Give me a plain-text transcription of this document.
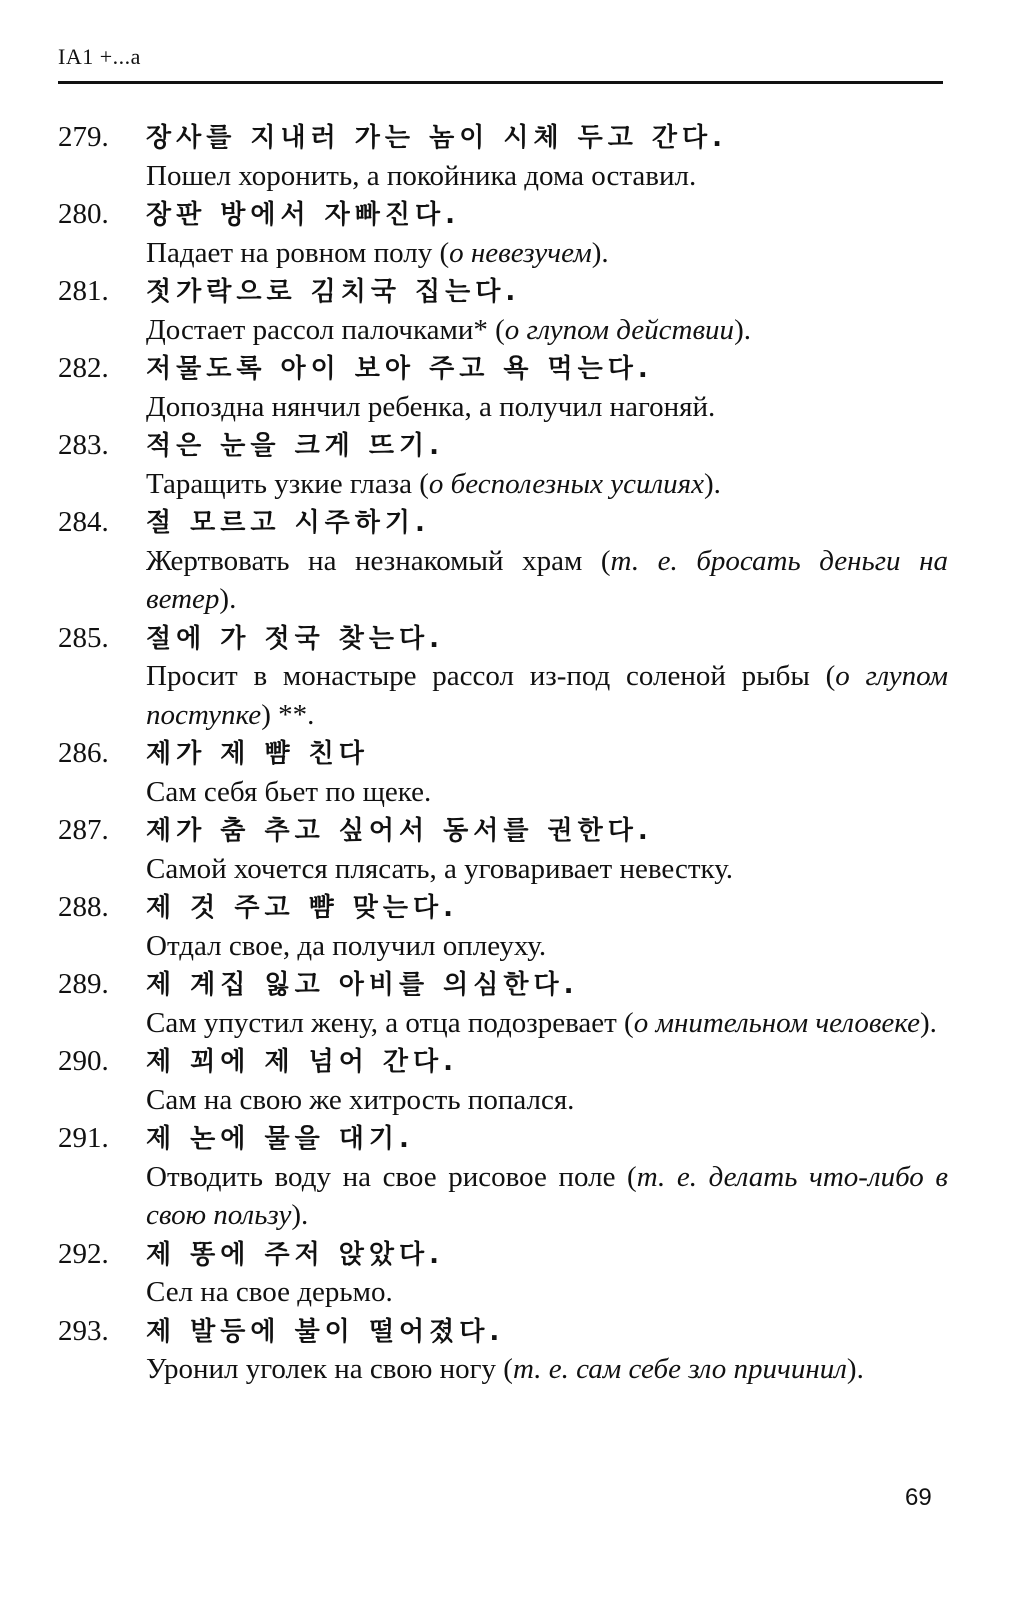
IA1 +...a
279. 장사를 지내러 가는 놈이 시체 두고 간다.
Пошел хоронить, а покойника дома оставил.
280. 장판 방에서 자빠진다.
Падает на ровном полу (о невезучем).
281. 젓가락으로 김치국 집는다.
Достает рассол палочками* (о глупом действии).
282. 저물도록 아이 보아 주고 욕 먹는다.
Допоздна нянчил ребенка, а получил нагоняй.
283. 적은 눈을 크게 뜨기.
Таращить узкие глаза (о бесполезных усилиях).
284. 절 모르고 시주하기.
Жертвовать на незнакомый храм (т. е. бросать деньги на ветер).
285. 절에 가 젓국 찾는다.
Просит в монастыре рассол из-под соленой рыбы (о глупом поступке) **.
286. 제가 제 뺨 친다
Сам себя бьет по щеке.
287. 제가 춤 추고 싶어서 동서를 권한다.
Самой хочется плясать, а уговаривает невестку.
288. 제 것 주고 뺨 맞는다.
Отдал свое, да получил оплеуху.
289. 제 계집 잃고 아비를 의심한다.
Сам упустил жену, а отца подозревает (о мнительном человеке).
290. 제 꾀에 제 넘어 간다.
Сам на свою же хитрость попался.
291. 제 논에 물을 대기.
Отводить воду на свое рисовое поле (т. е. делать что-либо в свою пользу).
292. 제 똥에 주저 앉았다.
Сел на свое дерьмо.
293. 제 발등에 불이 떨어졌다.
Уронил уголек на свою ногу (т. е. сам себе зло причинил).
69
